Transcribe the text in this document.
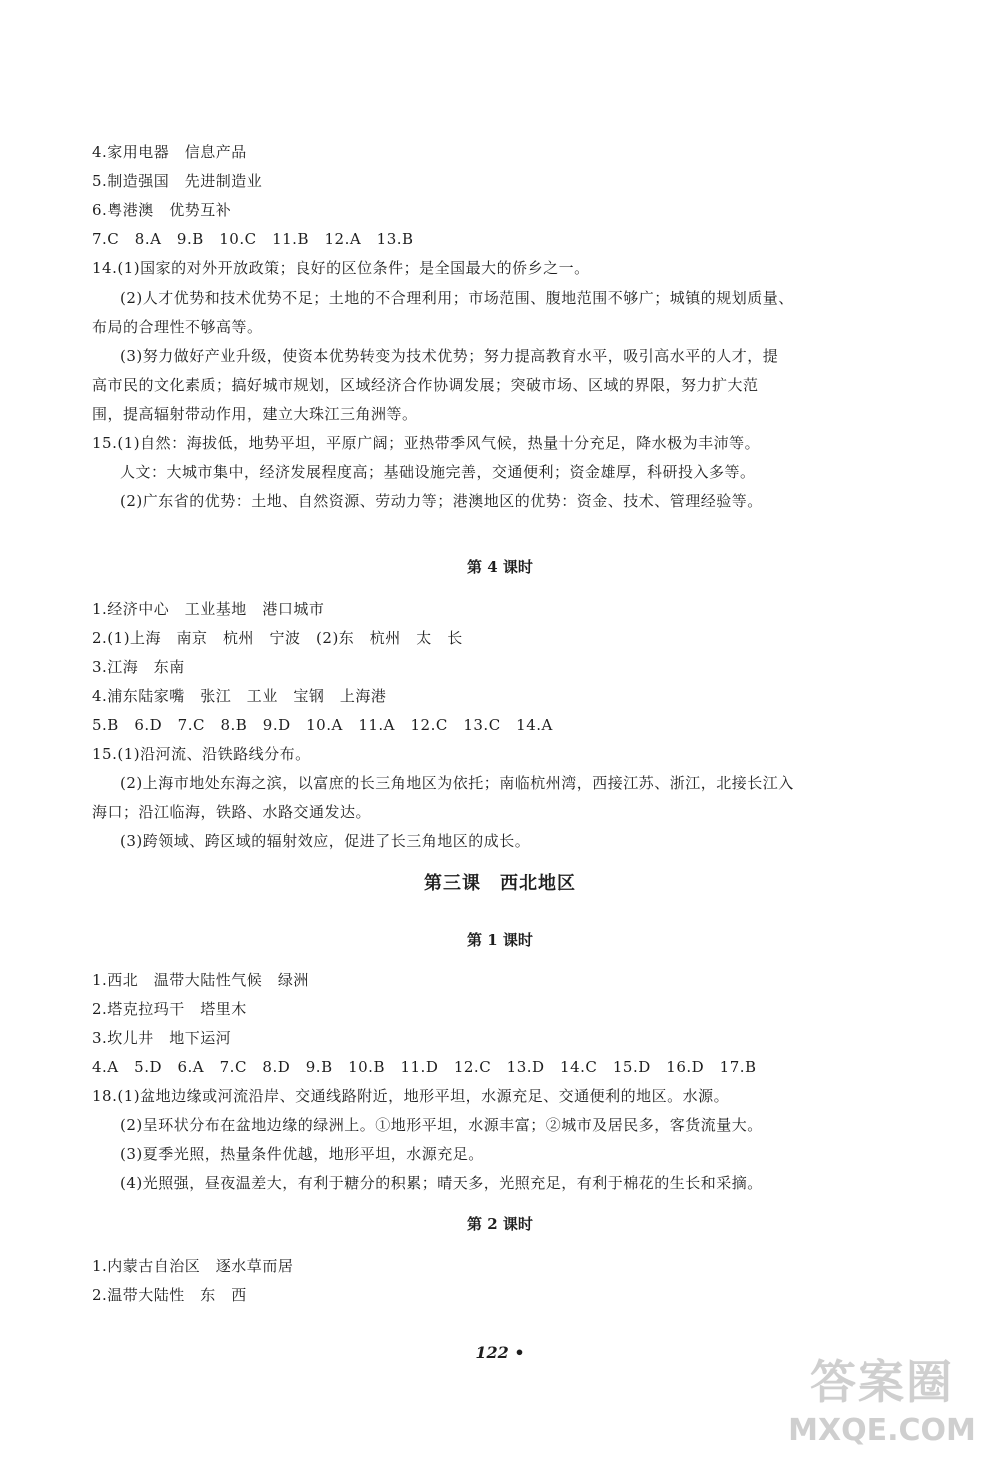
4.家用电器　信息产品
5.制造强国　先进制造业
6.粤港澳　优势互补
7.C　8.A　9.B　10.C　11.B　12.A　13.B
14.(1)国家的对外开放政策；良好的区位条件；是全国最大的侨乡之一。
(2)人才优势和技术优势不足；土地的不合理利用；市场范围、腹地范围不够广；城镇的规划质量、
布局的合理性不够高等。
(3)努力做好产业升级，使资本优势转变为技术优势；努力提高教育水平，吸引高水平的人才，提
高市民的文化素质；搞好城市规划，区域经济合作协调发展；突破市场、区域的界限，努力扩大范
围，提高辐射带动作用，建立大珠江三角洲等。
15.(1)自然：海拔低，地势平坦，平原广阔；亚热带季风气候，热量十分充足，降水极为丰沛等。
人文：大城市集中，经济发展程度高；基础设施完善，交通便利；资金雄厚，科研投入多等。
(2)广东省的优势：土地、自然资源、劳动力等；港澳地区的优势：资金、技术、管理经验等。
第 4 课时
1.经济中心　工业基地　港口城市
2.(1)上海　南京　杭州　宁波　(2)东　杭州　太　长
3.江海　东南
4.浦东陆家嘴　张江　工业　宝钢　上海港
5.B　6.D　7.C　8.B　9.D　10.A　11.A　12.C　13.C　14.A
15.(1)沿河流、沿铁路线分布。
(2)上海市地处东海之滨，以富庶的长三角地区为依托；南临杭州湾，西接江苏、浙江，北接长江入
海口；沿江临海，铁路、水路交通发达。
(3)跨领域、跨区域的辐射效应，促进了长三角地区的成长。
第三课　西北地区
第 1 课时
1.西北　温带大陆性气候　绿洲
2.塔克拉玛干　塔里木
3.坎儿井　地下运河
4.A　5.D　6.A　7.C　8.D　9.B　10.B　11.D　12.C　13.D　14.C　15.D　16.D　17.B
18.(1)盆地边缘或河流沿岸、交通线路附近，地形平坦，水源充足、交通便利的地区。水源。
(2)呈环状分布在盆地边缘的绿洲上。①地形平坦，水源丰富；②城市及居民多，客货流量大。
(3)夏季光照，热量条件优越，地形平坦，水源充足。
(4)光照强，昼夜温差大，有利于糖分的积累；晴天多，光照充足，有利于棉花的生长和采摘。
第 2 课时
1.内蒙古自治区　逐水草而居
2.温带大陆性　东　西
122 •
答案圈
MXQE.COM
